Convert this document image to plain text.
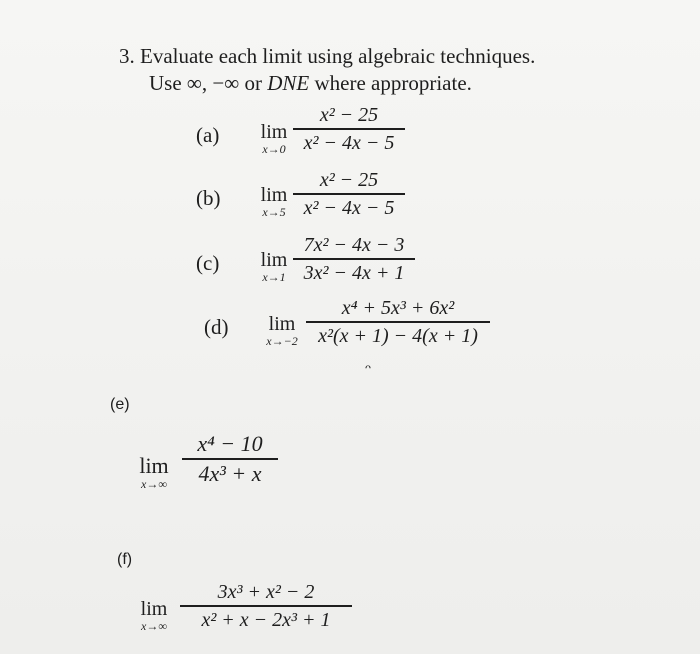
3. Evaluate each limit using algebraic techniques.
Use ∞, −∞ or DNE where appropriate.
(a)	lim
x→0
x² − 25
x² − 4x − 5
(b)	lim
x→5
x² − 25
x² − 4x − 5
(c)	lim
x→1
7x² − 4x − 3
3x² − 4x + 1
(d)	lim
x→−2
x⁴ + 5x³ + 6x²
x²(x + 1) − 4(x + 1)
ᴖ
(e)
lim
x→∞
x⁴ − 10
4x³ + x
(f)
lim
x→∞
3x³ + x² − 2
x² + x − 2x³ + 1
